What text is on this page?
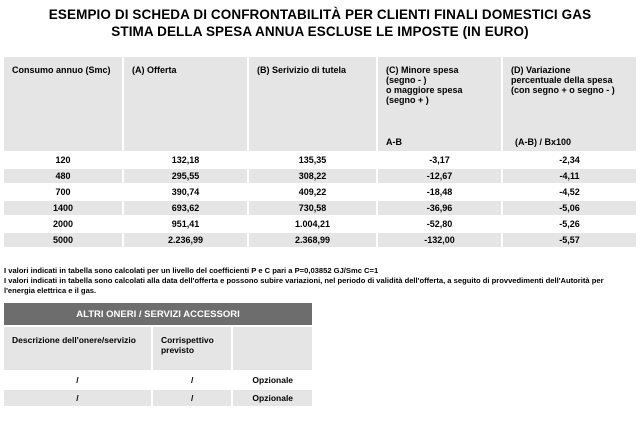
ESEMPIO DI SCHEDA DI CONFRONTABILITÀ PER CLIENTI FINALI DOMESTICI GAS
STIMA DELLA SPESA ANNUA ESCLUSE LE IMPOSTE (IN EURO)
Consumo annuo (Smc)	(A) Offerta	(B) Serivizio di tutela	(C) Minore spesa
(segno - )
o maggiore spesa
(segno + )
A-B	(D) Variazione
percentuale della spesa
(con segno + o segno - )
(A-B) / Bx100

120	132,18	135,35	-3,17	-2,34
480	295,55	308,22	-12,67	-4,11
700	390,74	409,22	-18,48	-4,52
1400	693,62	730,58	-36,96	-5,06
2000	951,41	1.004,21	-52,80	-5,26
5000	2.236,99	2.368,99	-132,00	-5,57
I valori indicati in tabella sono calcolati per un livello del coefficienti P e C pari a P=0,03852 GJ/Smc C=1
I valori indicati in tabella sono calcolati alla data dell'offerta e possono subire variazioni, nel periodo di validità dell'offerta, a seguito di provvedimenti dell'Autorità per l'energia elettrica e il gas.
ALTRI ONERI / SERVIZI ACCESSORI		
Descrizione dell'onere/servizio	Corrispettivo
previsto	
/	/	Opzionale
/	/	Opzionale
